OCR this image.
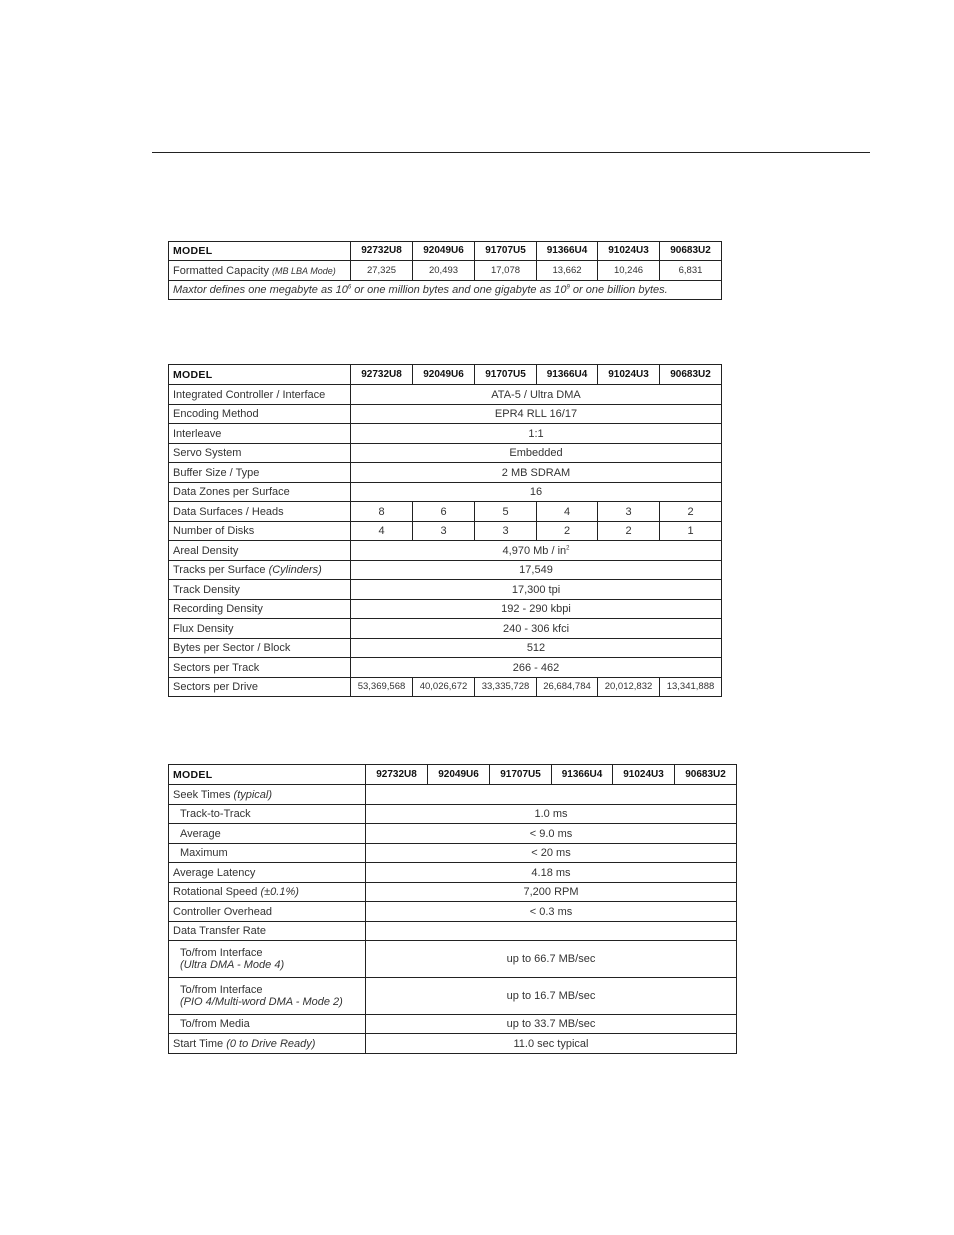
MODEL	92732U8	92049U6	91707U5	91366U4	91024U3	90683U2
Formatted Capacity (MB LBA Mode)	27,325	20,493	17,078	13,662	10,246	6,831
Maxtor defines one megabyte as $10^6$ or one million bytes and one gigabyte as $10^9$ or one billion bytes.						
MODEL	92732U8	92049U6	91707U5	91366U4	91024U3	90683U2
Integrated Controller / Interface	ATA-5 / Ultra DMA					
Encoding Method	EPR4 RLL 16/17					
Interleave	1:1					
Servo System	Embedded					
Buffer Size / Type	2 MB SDRAM					
Data Zones per Surface	16					
Data Surfaces / Heads	8	6	5	4	3	2
Number of Disks	4	3	3	2	2	1
Areal Density	4,970 Mb / $in^2$
Tracks per Surface (Cylinders)	17,549					
Track Density	17,300 tpi					
Recording Density	192 - 290 kbpi					
Flux Density	240 - 306 kfci					
Bytes per Sector / Block	512					
Sectors per Track	266 - 462					
Sectors per Drive	53,369,568	40,026,672	33,335,728	26,684,784	20,012,832	13,341,888
MODEL	92732U8	92049U6	91707U5	91366U4	91024U3	90683U2
Seek Times (typical)						
Track-to-Track	1.0 ms					
Average	< 9.0 ms					
Maximum	< 20 ms					
Average Latency	4.18 ms					
Rotational Speed (±0.1%)	7,200 RPM					
Controller Overhead	< 0.3 ms					
Data Transfer Rate						

To/from Interface
(Ultra DMA - Mode 4)	up to 66.7 MB/sec					

To/from Interface
(PIO 4/Multi-word DMA - Mode 2)	up to 16.7 MB/sec					
To/from Media	up to 33.7 MB/sec					
Start Time (0 to Drive Ready)	11.0 sec typical					
